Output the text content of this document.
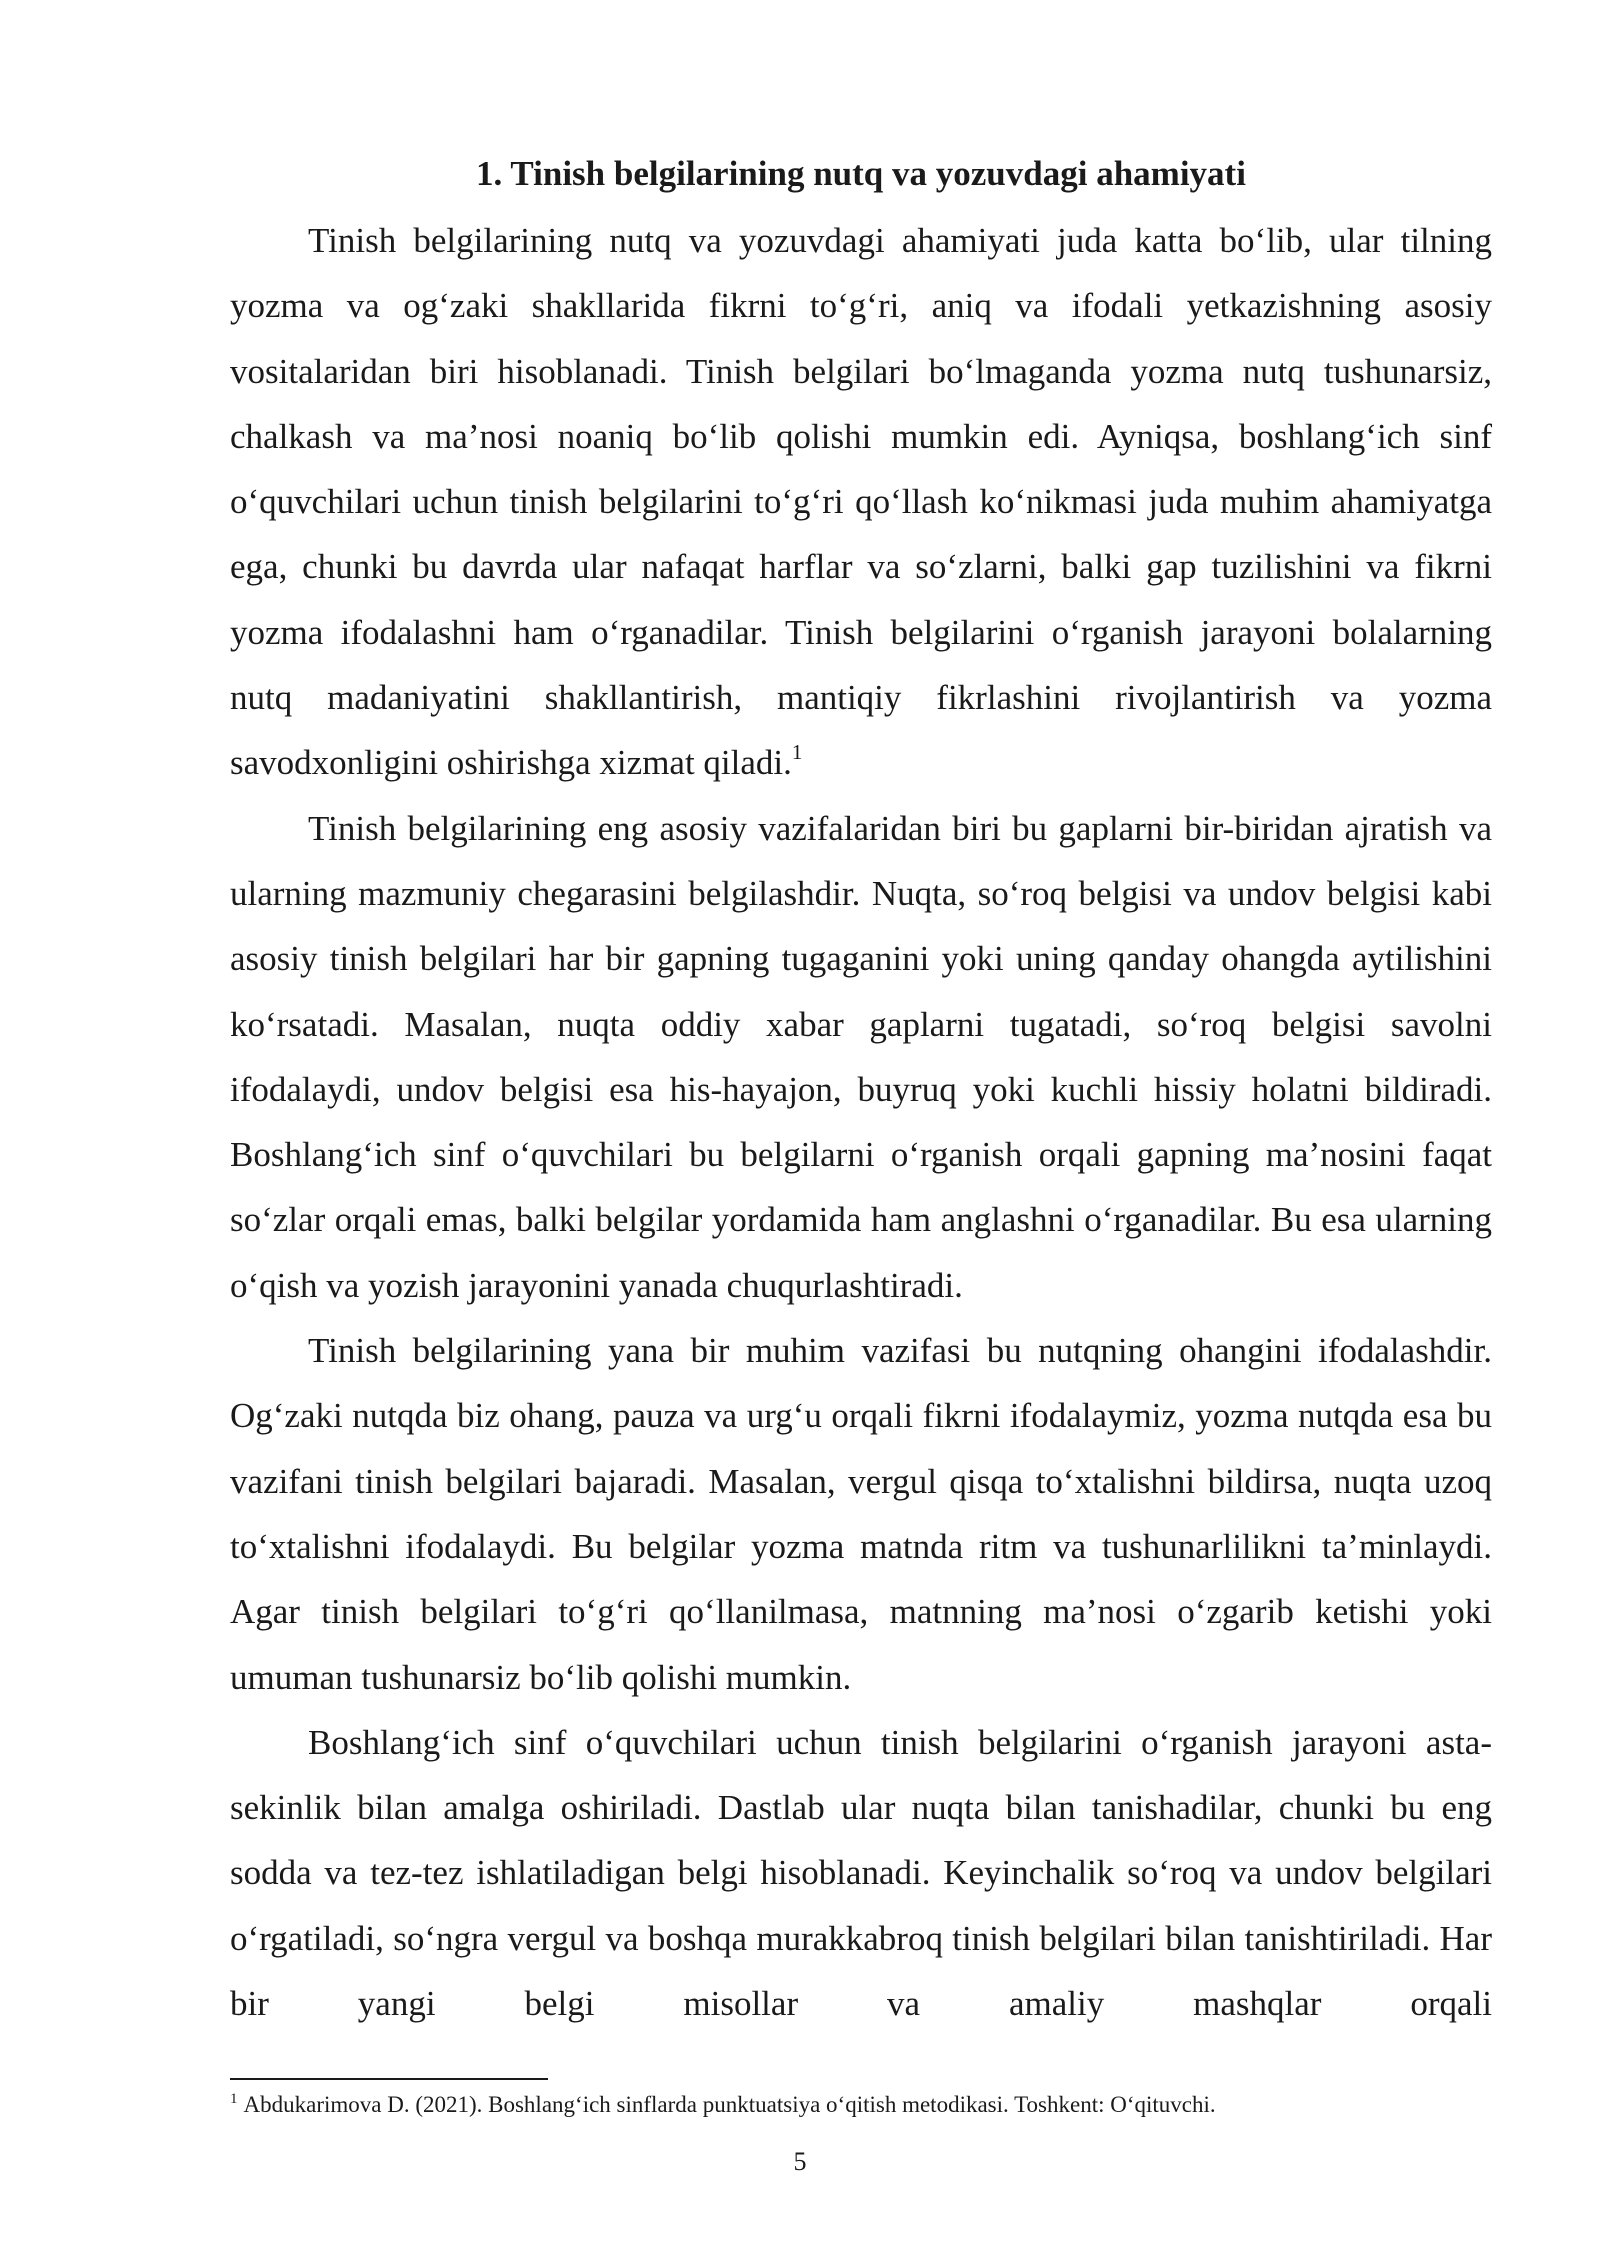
1. Tinish belgilarining nutq va yozuvdagi ahamiyati

Tinish belgilarining nutq va yozuvdagi ahamiyati juda katta bo‘lib, ular tilning yozma va og‘zaki shakllarida fikrni to‘g‘ri, aniq va ifodali yetkazishning asosiy vositalaridan biri hisoblanadi. Tinish belgilari bo‘lmaganda yozma nutq tushunarsiz, chalkash va ma’nosi noaniq bo‘lib qolishi mumkin edi. Ayniqsa, boshlang‘ich sinf o‘quvchilari uchun tinish belgilarini to‘g‘ri qo‘llash ko‘nikmasi juda muhim ahamiyatga ega, chunki bu davrda ular nafaqat harflar va so‘zlarni, balki gap tuzilishini va fikrni yozma ifodalashni ham o‘rganadilar. Tinish belgilarini o‘rganish jarayoni bolalarning nutq madaniyatini shakllantirish, mantiqiy fikrlashini rivojlantirish va yozma savodxonligini oshirishga xizmat qiladi.$^1$

Tinish belgilarining eng asosiy vazifalaridan biri bu gaplarni bir-biridan ajratish va ularning mazmuniy chegarasini belgilashdir. Nuqta, so‘roq belgisi va undov belgisi kabi asosiy tinish belgilari har bir gapning tugaganini yoki uning qanday ohangda aytilishini ko‘rsatadi. Masalan, nuqta oddiy xabar gaplarni tugatadi, so‘roq belgisi savolni ifodalaydi, undov belgisi esa his-hayajon, buyruq yoki kuchli hissiy holatni bildiradi. Boshlang‘ich sinf o‘quvchilari bu belgilarni o‘rganish orqali gapning ma’nosini faqat so‘zlar orqali emas, balki belgilar yordamida ham anglashni o‘rganadilar. Bu esa ularning o‘qish va yozish jarayonini yanada chuqurlashtiradi.

Tinish belgilarining yana bir muhim vazifasi bu nutqning ohangini ifodalashdir. Og‘zaki nutqda biz ohang, pauza va urg‘u orqali fikrni ifodalaymiz, yozma nutqda esa bu vazifani tinish belgilari bajaradi. Masalan, vergul qisqa to‘xtalishni bildirsa, nuqta uzoq to‘xtalishni ifodalaydi. Bu belgilar yozma matnda ritm va tushunarlilikni ta’minlaydi. Agar tinish belgilari to‘g‘ri qo‘llanilmasa, matnning ma’nosi o‘zgarib ketishi yoki umuman tushunarsiz bo‘lib qolishi mumkin.

Boshlang‘ich sinf o‘quvchilari uchun tinish belgilarini o‘rganish jarayoni asta-sekinlik bilan amalga oshiriladi. Dastlab ular nuqta bilan tanishadilar, chunki bu eng sodda va tez-tez ishlatiladigan belgi hisoblanadi. Keyinchalik so‘roq va undov belgilari o‘rgatiladi, so‘ngra vergul va boshqa murakkabroq tinish belgilari bilan tanishtiriladi. Har bir yangi belgi misollar va amaliy mashqlar orqali

$^1$ Abdukarimova D. (2021). Boshlang‘ich sinflarda punktuatsiya o‘qitish metodikasi. Toshkent: O‘qituvchi.
5
